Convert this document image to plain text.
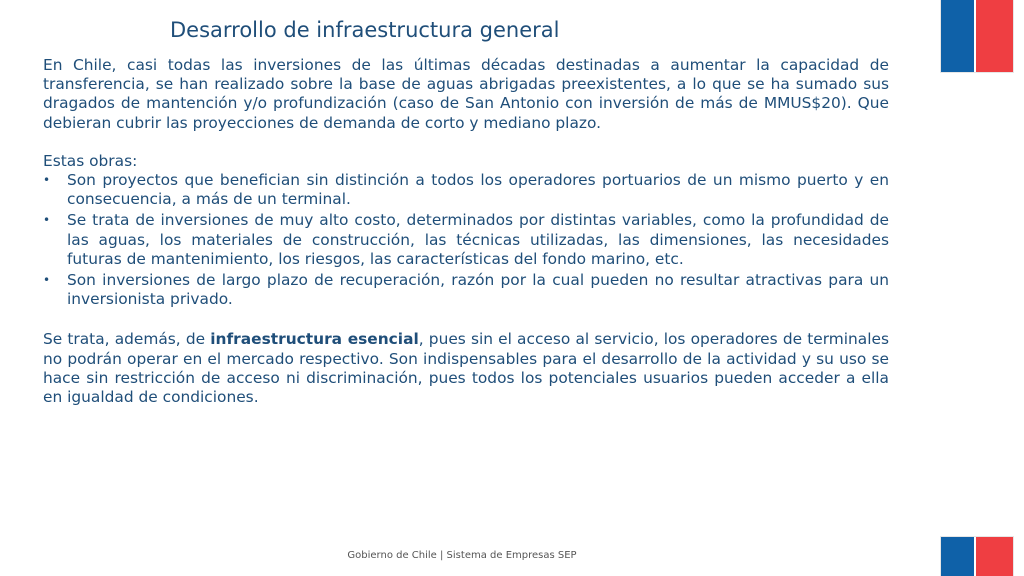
Desarrollo de infraestructura general

En Chile, casi todas las inversiones de las últimas décadas destinadas a aumentar la capacidad de transferencia, se han realizado sobre la base de aguas abrigadas preexistentes, a lo que se ha sumado sus dragados de mantención y/o profundización (caso de San Antonio con inversión de más de MMUS$20). Que debieran cubrir las proyecciones de demanda de corto y mediano plazo.

Estas obras:

• Son proyectos que benefician sin distinción a todos los operadores portuarios de un mismo puerto y en consecuencia, a más de un terminal.
• Se trata de inversiones de muy alto costo, determinados por distintas variables, como la profundidad de las aguas, los materiales de construcción, las técnicas utilizadas, las dimensiones, las necesidades futuras de mantenimiento, los riesgos, las características del fondo marino, etc.
• Son inversiones de largo plazo de recuperación, razón por la cual pueden no resultar atractivas para un inversionista privado.

Se trata, además, de infraestructura esencial, pues sin el acceso al servicio, los operadores de terminales no podrán operar en el mercado respectivo. Son indispensables para el desarrollo de la actividad y su uso se hace sin restricción de acceso ni discriminación, pues todos los potenciales usuarios pueden acceder a ella en igualdad de condiciones.

Gobierno de Chile | Sistema de Empresas SEP
